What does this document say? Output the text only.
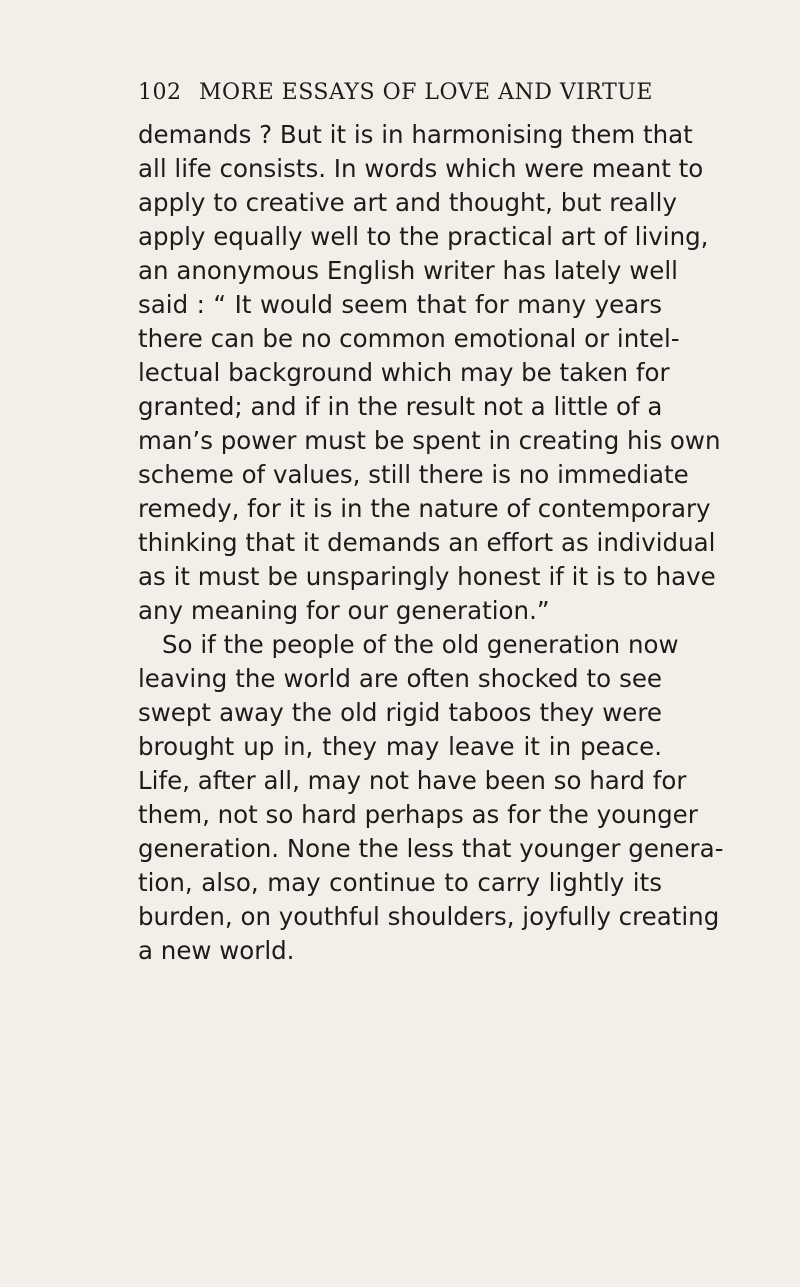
102 MORE ESSAYS OF LOVE AND VIRTUE
demands ? But it is in harmonising them that
all life consists. In words which were meant to
apply to creative art and thought, but really
apply equally well to the practical art of living,
an anonymous English writer has lately well
said : “ It would seem that for many years
there can be no common emotional or intel-
lectual background which may be taken for
granted; and if in the result not a little of a
man’s power must be spent in creating his own
scheme of values, still there is no immediate
remedy, for it is in the nature of contemporary
thinking that it demands an effort as individual
as it must be unsparingly honest if it is to have
any meaning for our generation.”
So if the people of the old generation now
leaving the world are often shocked to see
swept away the old rigid taboos they were
brought up in, they may leave it in peace.
Life, after all, may not have been so hard for
them, not so hard perhaps as for the younger
generation. None the less that younger genera-
tion, also, may continue to carry lightly its
burden, on youthful shoulders, joyfully creating
a new world.
